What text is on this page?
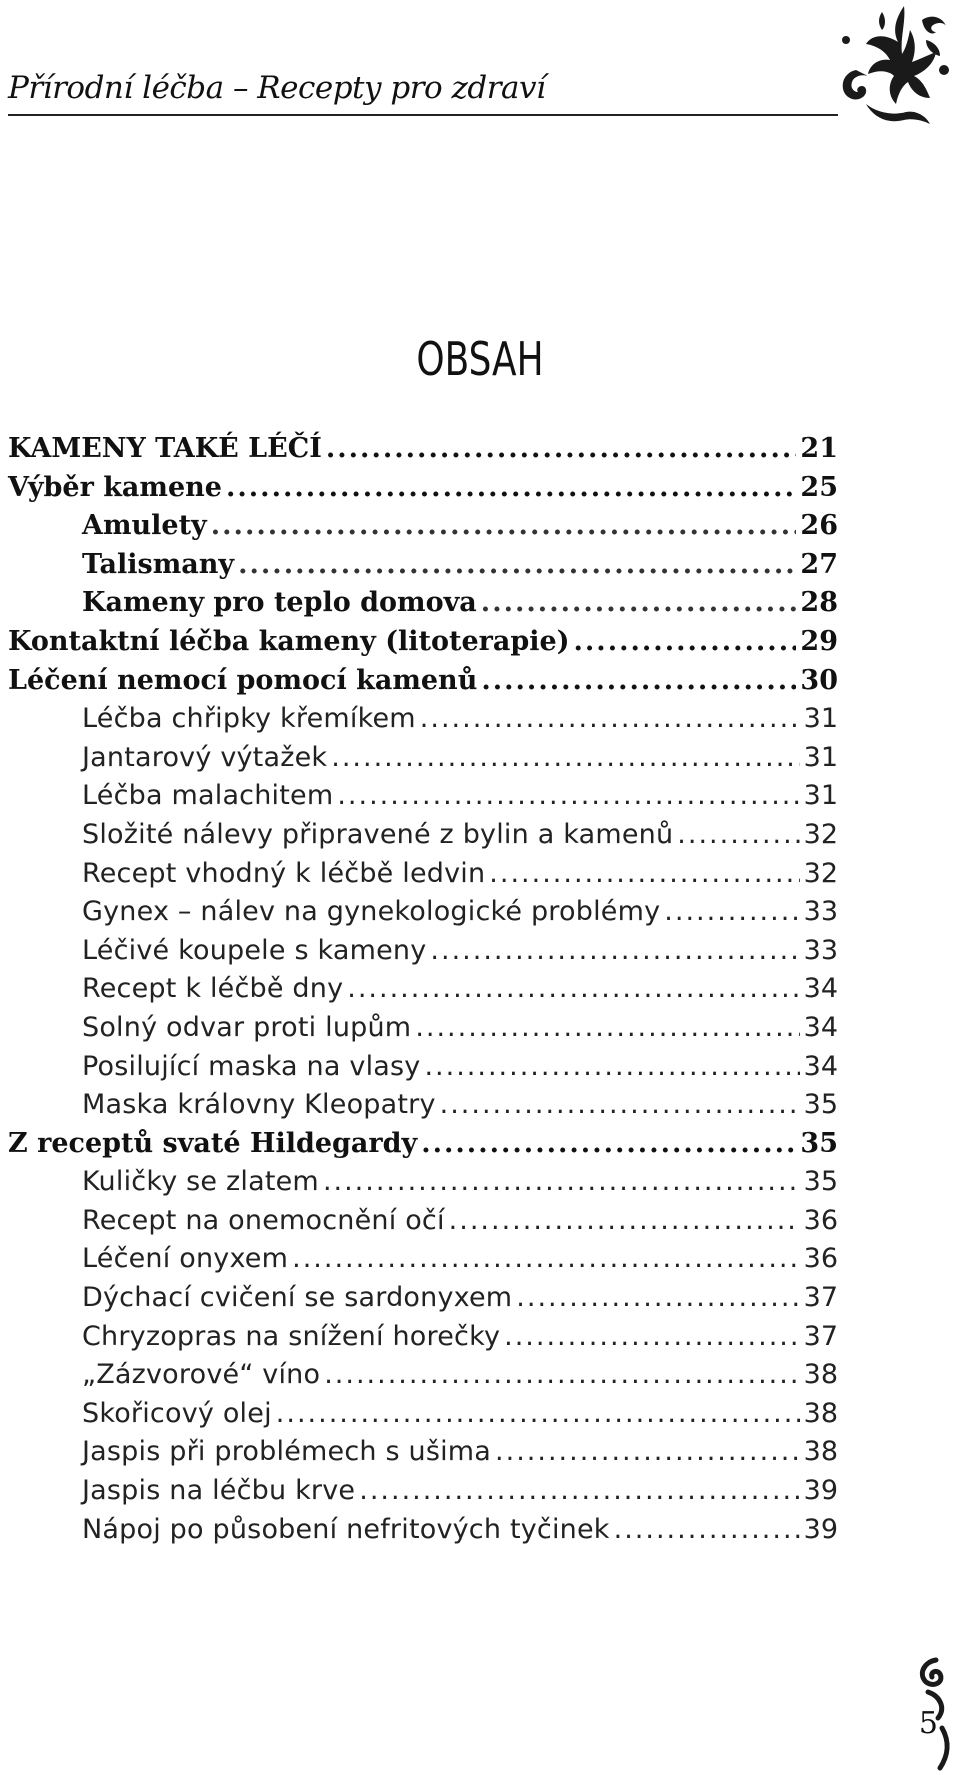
Přírodní léčba – Recepty pro zdraví
OBSAH
KAMENY TAKÉ LÉČÍ .....	21
Výběr kamene .....	25
Amulety .....	26
Talismany .....	27
Kameny pro teplo domova .....	28
Kontaktní léčba kameny (litoterapie) .....	29
Léčení nemocí pomocí kamenů .....	30
Léčba chřipky křemíkem .....	31
Jantarový výtažek .....	31
Léčba malachitem .....	31
Složité nálevy připravené z bylin a kamenů .....	32
Recept vhodný k léčbě ledvin .....	32
Gynex – nálev na gynekologické problémy .....	33
Léčivé koupele s kameny .....	33
Recept k léčbě dny .....	34
Solný odvar proti lupům .....	34
Posilující maska na vlasy .....	34
Maska královny Kleopatry .....	35
Z receptů svaté Hildegardy .....	35
Kuličky se zlatem .....	35
Recept na onemocnění očí .....	36
Léčení onyxem .....	36
Dýchací cvičení se sardonyxem .....	37
Chryzopras na snížení horečky .....	37
„Zázvorové“ víno .....	38
Skořicový olej .....	38
Jaspis při problémech s ušima .....	38
Jaspis na léčbu krve .....	39
Nápoj po působení nefritových tyčinek .....	39
5
